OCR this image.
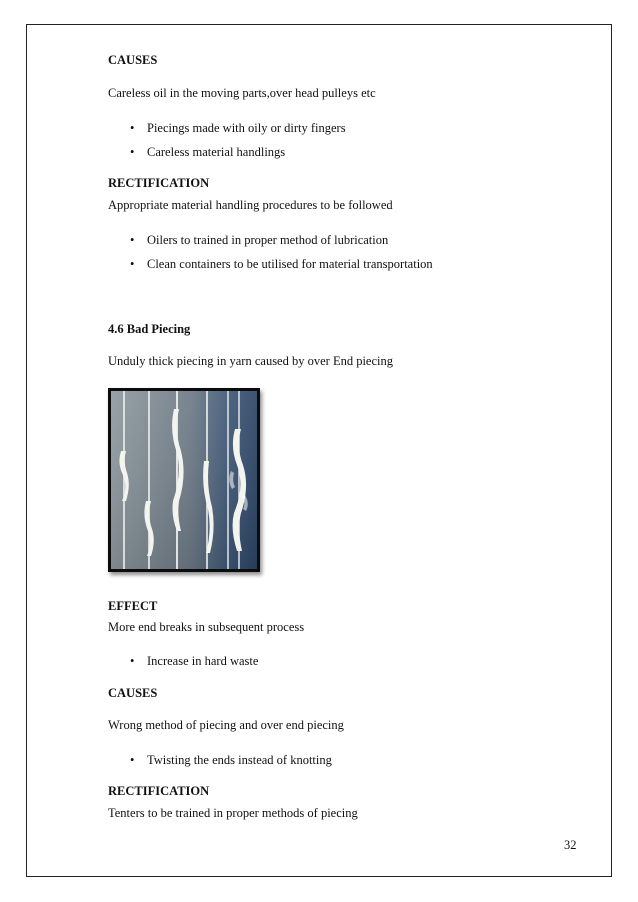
CAUSES
Careless oil in the moving parts,over head pulleys etc
• Piecings made with oily or dirty fingers
• Careless material handlings
RECTIFICATION
Appropriate material handling procedures to be followed
• Oilers to trained in proper method of lubrication
• Clean containers to be utilised for material transportation
4.6 Bad Piecing
Unduly thick piecing in yarn caused by over End piecing
EFFECT
More end breaks in subsequent process
• Increase in hard waste
CAUSES
Wrong method of piecing and over end piecing
• Twisting the ends instead of knotting
RECTIFICATION
Tenters to be trained in proper methods of piecing
32
